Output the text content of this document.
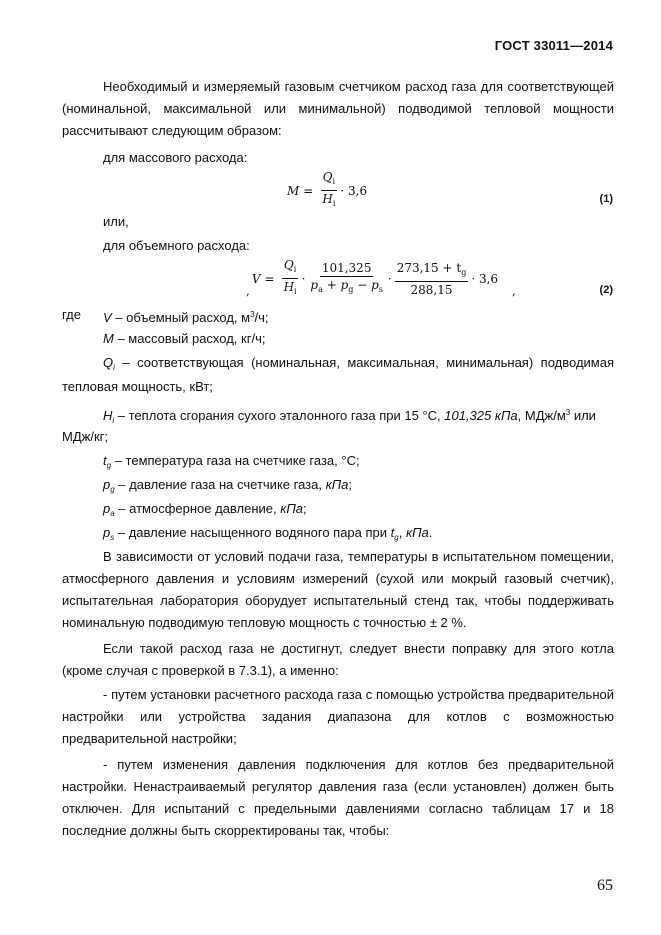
ГОСТ 33011—2014
Необходимый и измеряемый газовым счетчиком расход газа для соответствующей (номинальной, максимальной или минимальной) подводимой тепловой мощности рассчитывают следующим образом:
для массового расхода:
$M = \frac{Q_i}{H_i} \cdot 3,6$
(1)
или,
для объемного расхода:
,
$V = \frac{Q_i}{H_i} \cdot \frac{101,325}{p_a + p_g - p_s} \cdot \frac{273,15 + t_g}{288,15} \cdot 3,6$
,	(2)
где V – объемный расход, $м^3/ч$;
M – массовый расход, кг/ч;
$Q_i$ – соответствующая (номинальная, максимальная, минимальная) подводимая
тепловая мощность, кВт;
$H_i$ – теплота сгорания сухого эталонного газа при 15 °С, 101,325 кПа, МДж/$м^3$ или
МДж/кг;
$t_g$ – температура газа на счетчике газа, °С;
$p_g$ – давление газа на счетчике газа, кПа;
$p_a$ – атмосферное давление, кПа;
$p_s$ – давление насыщенного водяного пара при $t_g$, кПа.
В зависимости от условий подачи газа, температуры в испытательном помещении, атмосферного давления и условиям измерений (сухой или мокрый газовый счетчик), испытательная лаборатория оборудует испытательный стенд так, чтобы поддерживать номинальную подводимую тепловую мощность с точностью ± 2 %.
Если такой расход газа не достигнут, следует внести поправку для этого котла (кроме случая с проверкой в 7.3.1), а именно:
- путем установки расчетного расхода газа с помощью устройства предварительной настройки или устройства задания диапазона для котлов с возможностью предварительной настройки;
- путем изменения давления подключения для котлов без предварительной настройки. Ненастраиваемый регулятор давления газа (если установлен) должен быть отключен. Для испытаний с предельными давлениями согласно таблицам 17 и 18 последние должны быть скорректированы так, чтобы:
65
